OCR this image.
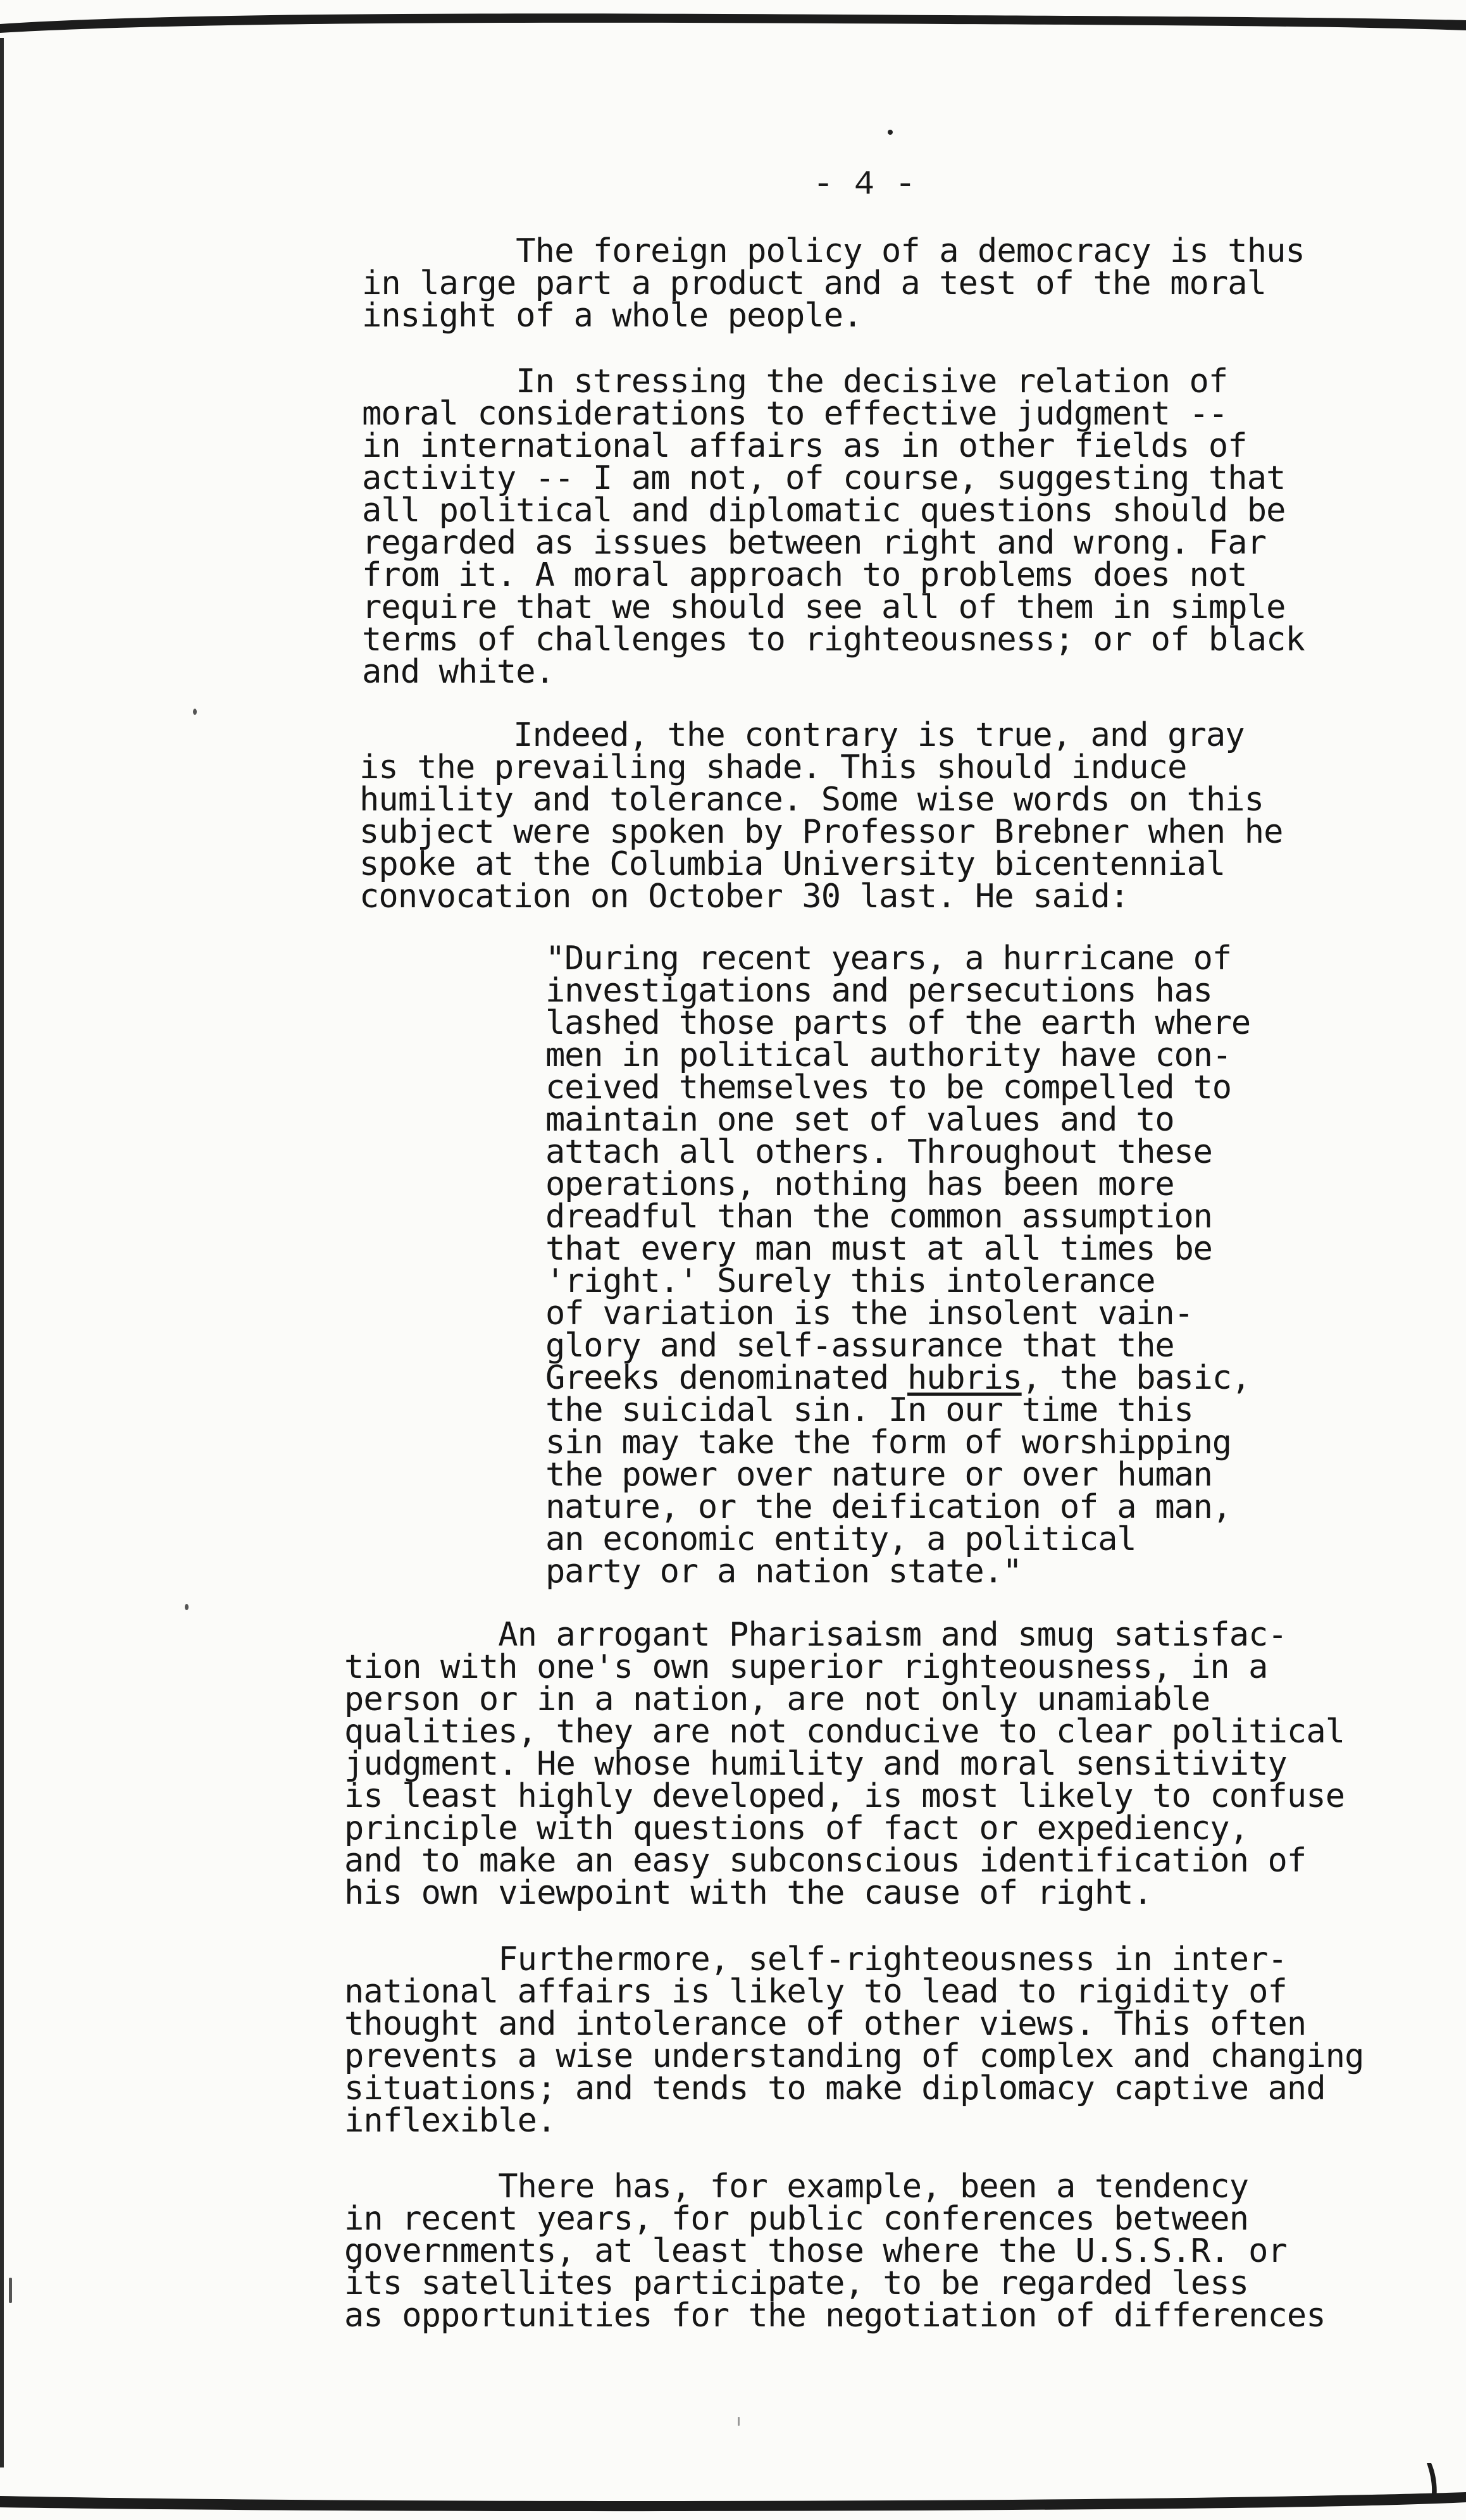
- 4 -
The foreign policy of a democracy is thus
in large part a product and a test of the moral
insight of a whole people.
In stressing the decisive relation of
moral considerations to effective judgment --
in international affairs as in other fields of
activity -- I am not, of course, suggesting that
all political and diplomatic questions should be
regarded as issues between right and wrong. Far
from it. A moral approach to problems does not
require that we should see all of them in simple
terms of challenges to righteousness; or of black
and white.
Indeed, the contrary is true, and gray
is the prevailing shade. This should induce
humility and tolerance. Some wise words on this
subject were spoken by Professor Brebner when he
spoke at the Columbia University bicentennial
convocation on October 30 last. He said:
"During recent years, a hurricane of
investigations and persecutions has
lashed those parts of the earth where
men in political authority have con-
ceived themselves to be compelled to
maintain one set of values and to
attach all others. Throughout these
operations, nothing has been more
dreadful than the common assumption
that every man must at all times be
'right.' Surely this intolerance
of variation is the insolent vain-
glory and self-assurance that the
Greeks denominated hubris, the basic,
the suicidal sin. In our time this
sin may take the form of worshipping
the power over nature or over human
nature, or the deification of a man,
an economic entity, a political
party or a nation state."
An arrogant Pharisaism and smug satisfac-
tion with one's own superior righteousness, in a
person or in a nation, are not only unamiable
qualities, they are not conducive to clear political
judgment. He whose humility and moral sensitivity
is least highly developed, is most likely to confuse
principle with questions of fact or expediency,
and to make an easy subconscious identification of
his own viewpoint with the cause of right.
Furthermore, self-righteousness in inter-
national affairs is likely to lead to rigidity of
thought and intolerance of other views. This often
prevents a wise understanding of complex and changing
situations; and tends to make diplomacy captive and
inflexible.
There has, for example, been a tendency
in recent years, for public conferences between
governments, at least those where the U.S.S.R. or
its satellites participate, to be regarded less
as opportunities for the negotiation of differences
